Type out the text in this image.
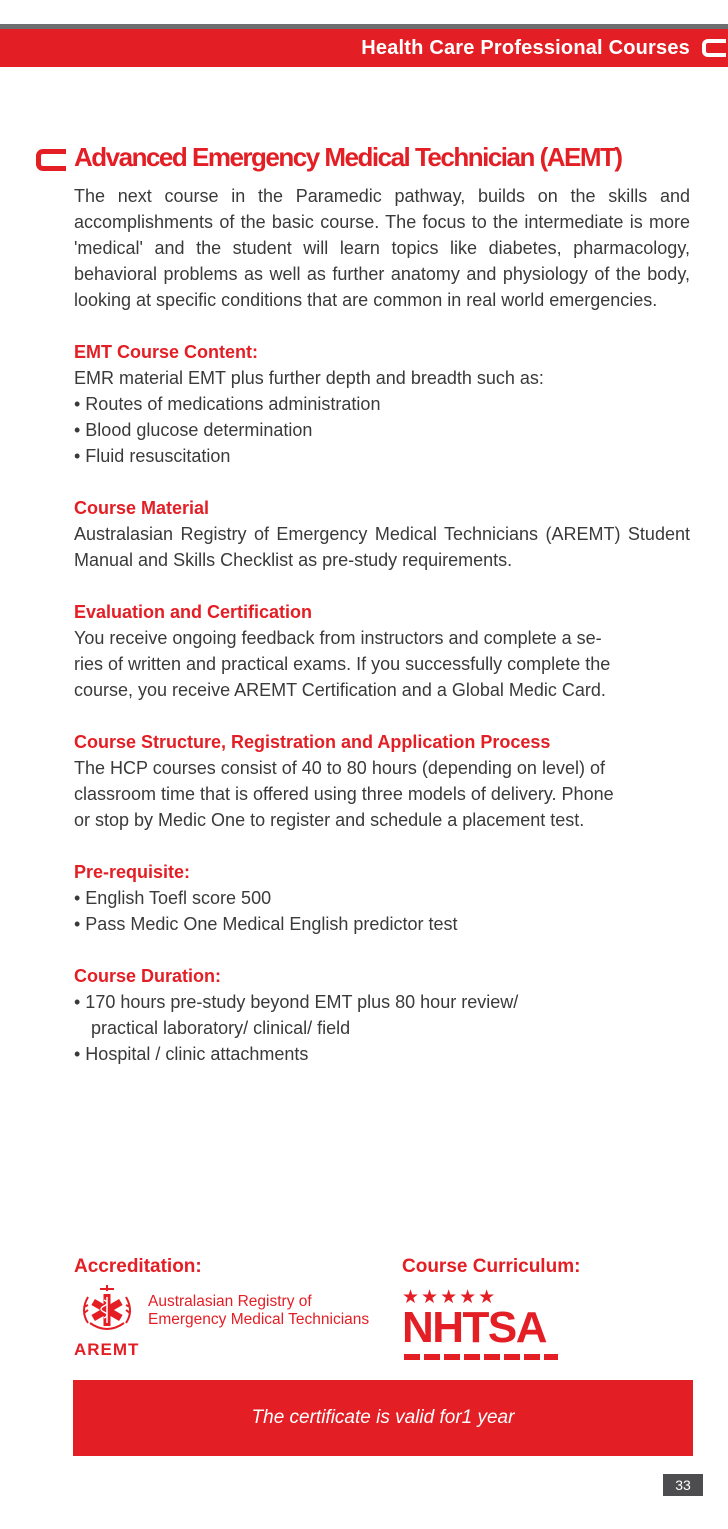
Health Care Professional Courses
Advanced Emergency Medical Technician (AEMT)

The next course in the Paramedic pathway, builds on the skills and accomplishments of the basic course. The focus to the intermediate is more 'medical' and the student will learn topics like diabetes, pharmacology, behavioral problems as well as further anatomy and physiology of the body, looking at specific conditions that are common in real world emergencies.

EMT Course Content:
EMR material EMT plus further depth and breadth such as:
• Routes of medications administration
• Blood glucose determination
• Fluid resuscitation
Course Material

Australasian Registry of Emergency Medical Technicians (AREMT) Student Manual and Skills Checklist as pre-study requirements.

Evaluation and Certification
You receive ongoing feedback from instructors and complete a se-
ries of written and practical exams. If you successfully complete the
course, you receive AREMT Certification and a Global Medic Card.
Course Structure, Registration and Application Process
The HCP courses consist of 40 to 80 hours (depending on level) of
classroom time that is offered using three models of delivery. Phone
or stop by Medic One to register and schedule a placement test.
Pre-requisite:
• English Toefl score 500
• Pass Medic One Medical English predictor test
Course Duration:
• 170 hours pre-study beyond EMT plus 80 hour review/
practical laboratory/ clinical/ field
• Hospital / clinic attachments
Accreditation:	Course Curriculum:
Australasian Registry of
Emergency Medical Technicians
AREMT
★★★★★
NHTSA
The certificate is valid for1 year
33
